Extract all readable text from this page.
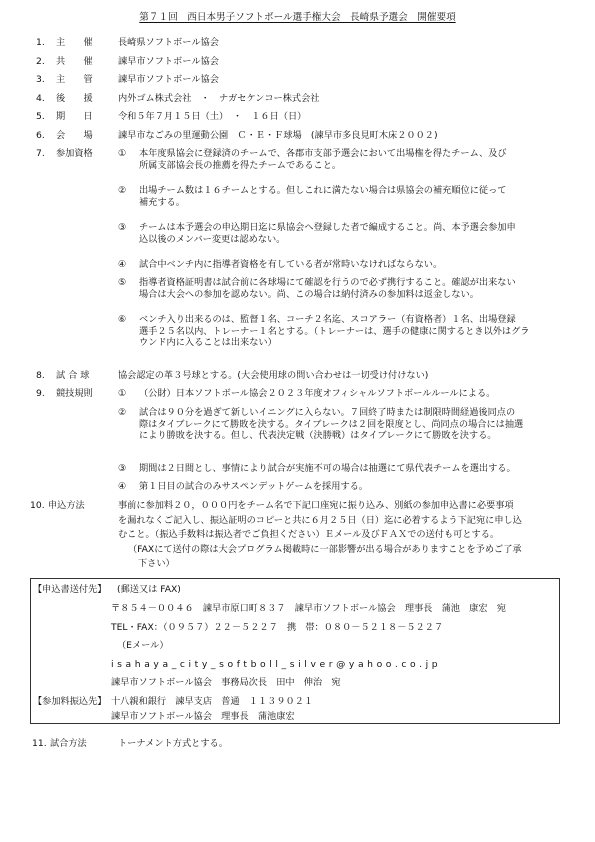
第７１回　西日本男子ソフトボール選手権大会　長崎県予選会　開催要項
1.	主　　催	長崎県ソフトボール協会
2.	共　　催	諫早市ソフトボール協会
3.	主　　管	諫早市ソフトボール協会
4.	後　　援	内外ゴム株式会社　・　ナガセケンコー株式会社
5.	期　　日	令和５年７月１５日（土）　・　１６日（日）
6.	会　　場	諫早市なごみの里運動公園　Ｃ・Ｅ・Ｆ球場　(諫早市多良見町木床２００２)
7.	参加資格	① 本年度県協会に登録済のチームで、各郡市支部予選会において出場権を得たチーム、及び
所属支部協会長の推薦を得たチームであること。
② 出場チーム数は１６チームとする。但しこれに満たない場合は県協会の補充順位に従って
補充する。
③ チームは本予選会の申込期日迄に県協会へ登録した者で編成すること。尚、本予選会参加申
込以後のメンバー変更は認めない。
④ 試合中ベンチ内に指導者資格を有している者が常時いなければならない。
⑤ 指導者資格証明書は試合前に各球場にて確認を行うので必ず携行すること。確認が出来ない
場合は大会への参加を認めない。尚、この場合は納付済みの参加料は返金しない。
⑥ ベンチ入り出来るのは、監督１名、コーチ２名迄、スコアラー（有資格者）１名、出場登録
選手２５名以内、トレーナー１名とする。（トレーナーは、選手の健康に関するとき以外はグラ
ウンド内に入ることは出来ない）
8.	試 合 球	協会認定の革３号球とする。(大会使用球の問い合わせは一切受け付けない)
9.	競技規則	① （公財）日本ソフトボール協会２０２３年度オフィシャルソフトボールルールによる。
② 試合は９０分を過ぎて新しいイニングに入らない。７回終了時または制限時間経過後同点の
際はタイブレークにて勝敗を決する。タイブレークは２回を限度とし、尚同点の場合には抽選
により勝敗を決する。但し、代表決定戦（決勝戦）はタイブレークにて勝敗を決する。
③ 期間は２日間とし、事情により試合が実施不可の場合は抽選にて県代表チームを選出する。
④ 第１日目の試合のみサスペンデットゲームを採用する。
10. 申込方法	事前に参加料２０，０００円をチーム名で下記口座宛に振り込み、別紙の参加申込書に必要事項
を漏れなくご記入し、振込証明のコピーと共に６月２５日（日）迄に必着するよう下記宛に申し込
むこと。（振込手数料は振込者でご負担ください）Ｅメール及びＦＡＸでの送付も可とする。
（FAXにて送付の際は大会プログラム掲載時に一部影響が出る場合がありますことを予めご了承
下さい）
【申込書送付先】 (郵送又は FAX)
〒８５４－００４６　諫早市原口町８３７　諫早市ソフトボール協会　理事長　蒲池　康宏　宛
TEL・FAX：（０９５７）２２－５２２７　携　帯：０８０－５２１８－５２２７
（Eメール）
isahaya_city_softboll_silver@yahoo.co.jp
諫早市ソフトボール協会　事務局次長　田中　伸治　宛
【参加料振込先】 十八親和銀行　諫早支店　普通　１１３９０２１
諫早市ソフトボール協会　理事長　蒲池康宏
11. 試合方法	トーナメント方式とする。
